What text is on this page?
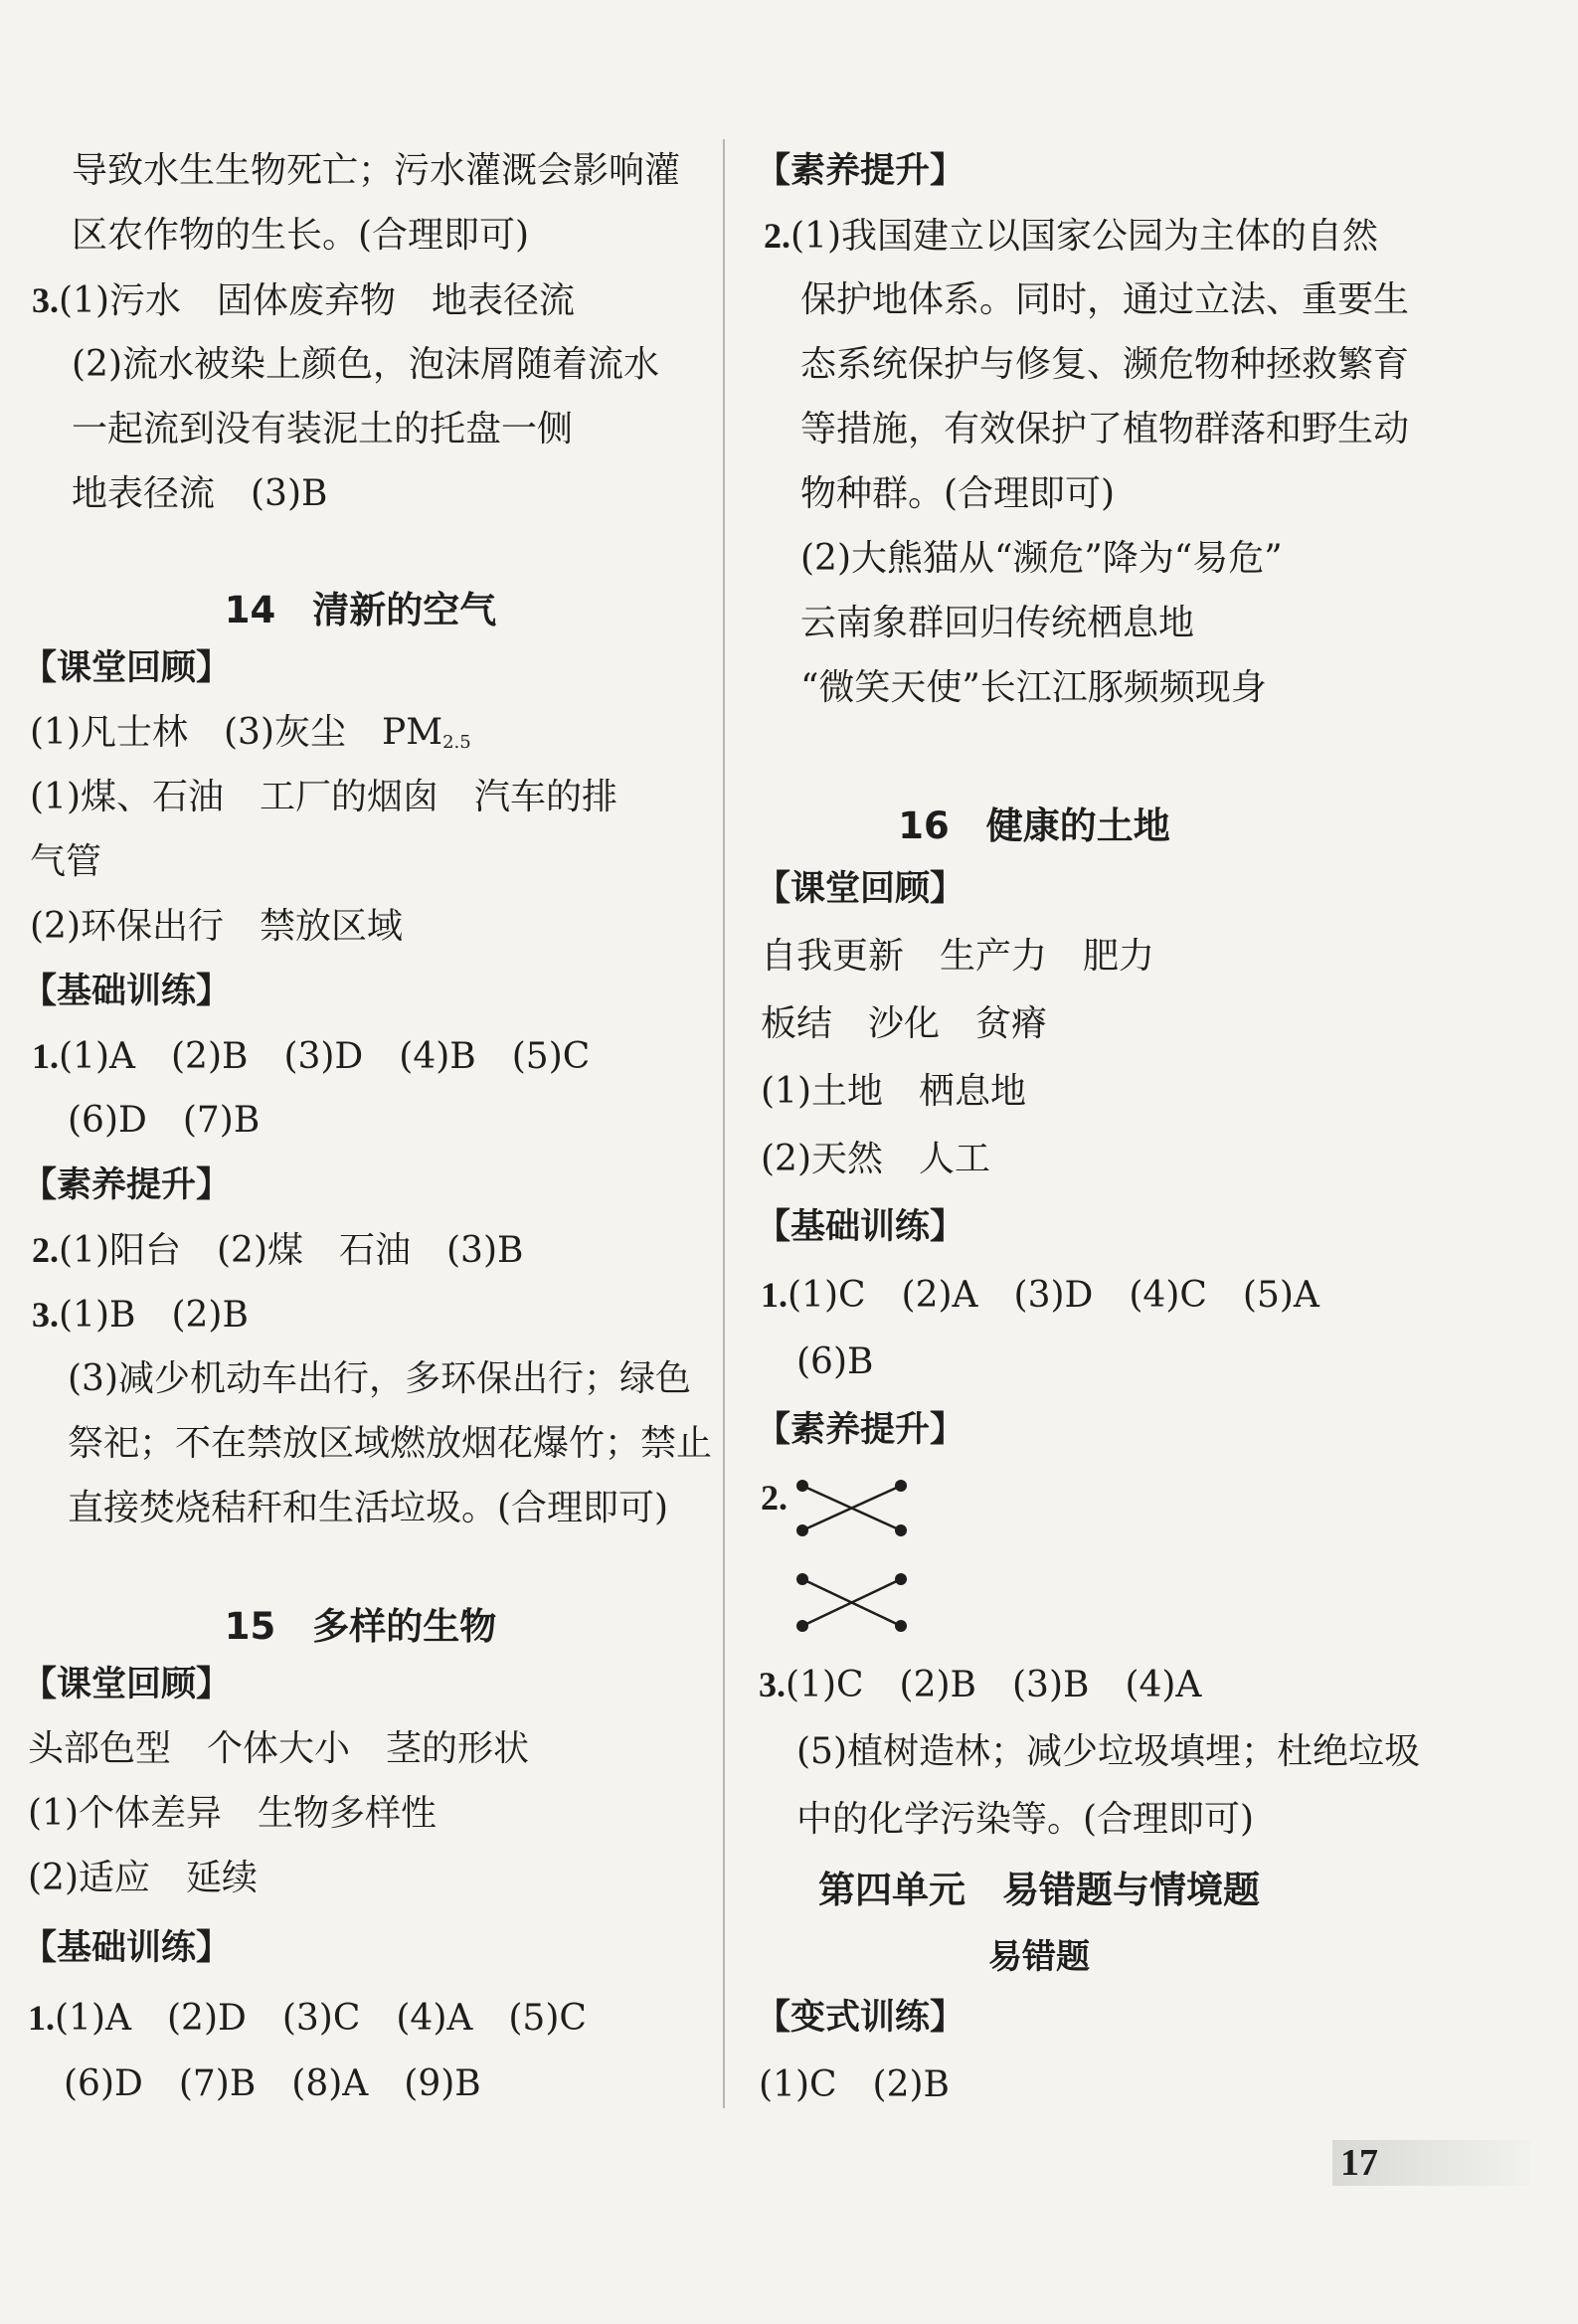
导致水生生物死亡；污水灌溉会影响灌
区农作物的生长。(合理即可)
3.(1)污水　固体废弃物　地表径流
(2)流水被染上颜色，泡沫屑随着流水
一起流到没有装泥土的托盘一侧
地表径流　(3)B
14　清新的空气
【课堂回顾】
(1)凡士林　(3)灰尘　$PM_{2.5}$
(1)煤、石油　工厂的烟囱　汽车的排
气管
(2)环保出行　禁放区域
【基础训练】
1.(1)A　(2)B　(3)D　(4)B　(5)C
(6)D　(7)B
【素养提升】
2.(1)阳台　(2)煤　石油　(3)B
3.(1)B　(2)B
(3)减少机动车出行，多环保出行；绿色
祭祀；不在禁放区域燃放烟花爆竹；禁止
直接焚烧秸秆和生活垃圾。(合理即可)
15　多样的生物
【课堂回顾】
头部色型　个体大小　茎的形状
(1)个体差异　生物多样性
(2)适应　延续
【基础训练】
1.(1)A　(2)D　(3)C　(4)A　(5)C
(6)D　(7)B　(8)A　(9)B
【素养提升】
2.(1)我国建立以国家公园为主体的自然
保护地体系。同时，通过立法、重要生
态系统保护与修复、濒危物种拯救繁育
等措施，有效保护了植物群落和野生动
物种群。(合理即可)
(2)大熊猫从“濒危”降为“易危”
云南象群回归传统栖息地
“微笑天使”长江江豚频频现身
16　健康的土地
【课堂回顾】
自我更新　生产力　肥力
板结　沙化　贫瘠
(1)土地　栖息地
(2)天然　人工
【基础训练】
1.(1)C　(2)A　(3)D　(4)C　(5)A
(6)B
【素养提升】
2.
3.(1)C　(2)B　(3)B　(4)A
(5)植树造林；减少垃圾填埋；杜绝垃圾
中的化学污染等。(合理即可)
第四单元　易错题与情境题
易错题
【变式训练】
(1)C　(2)B
17
